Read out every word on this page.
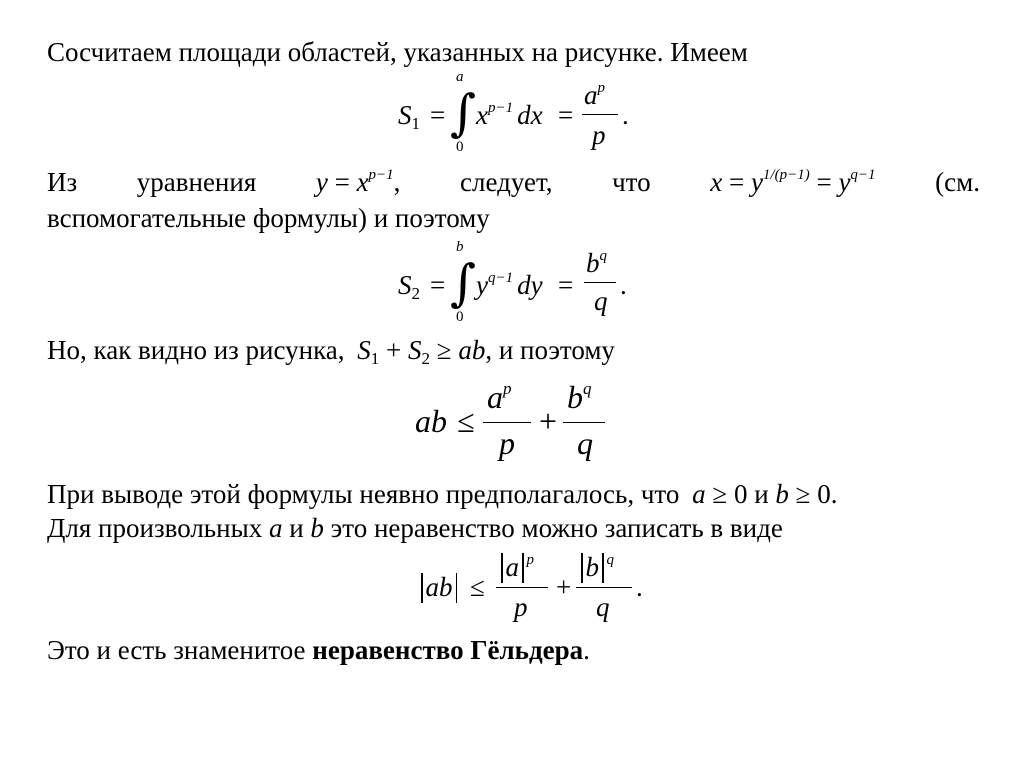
Сосчитаем площади областей, указанных на рисунке. Имеем
S1 =
a
∫
0
$x^{p-1}$ dx =
$a^p$
p
.
Из уравнения $y = x^{p-1}$, следует, что $x = y^{1/(p-1)} = y^{q-1}$ (см.
вспомогательные формулы) и поэтому
S2 =
b
∫
0
$y^{q-1}$ dy =
$b^q$
q
.
Но, как видно из рисунка, S1 + S2 ≥ ab, и поэтому
ab ≤
$a^p$
p
+
$b^q$
q
При выводе этой формулы неявно предполагалось, что a ≥ 0 и b ≥ 0.
Для произвольных a и b это неравенство можно записать в виде
ab ≤
a $^p$
p
+
b $^q$
q
.
Это и есть знаменитое неравенство Гёльдера.
